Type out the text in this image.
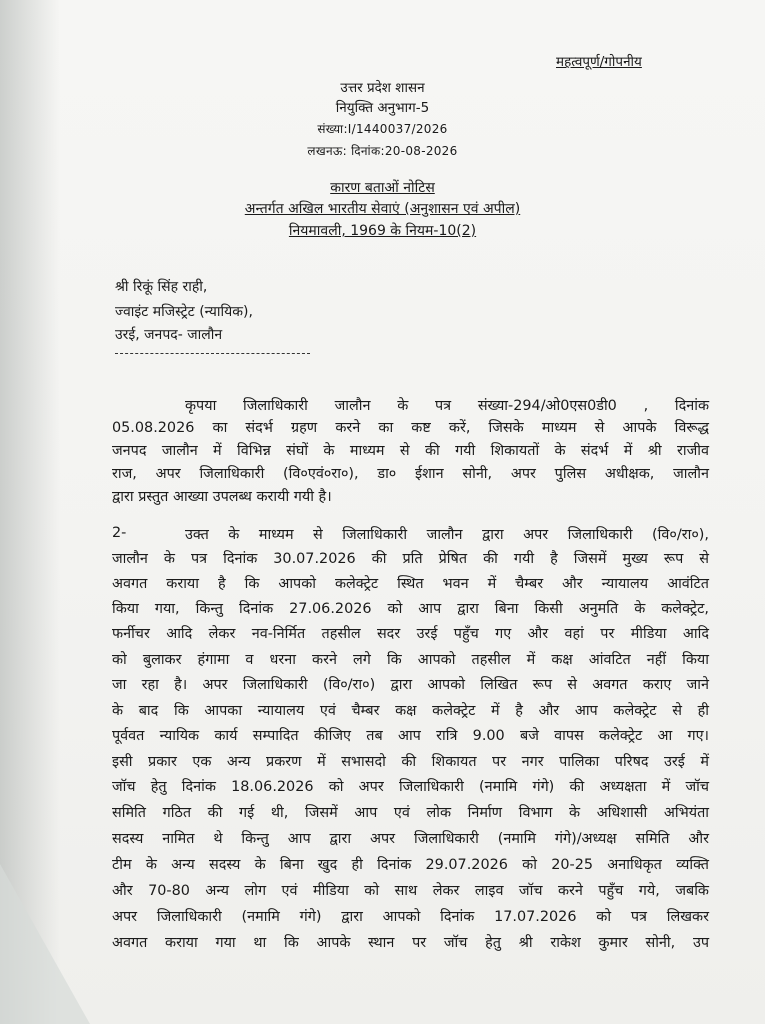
महत्वपूर्ण/गोपनीय
उत्तर प्रदेश शासन
नियुक्ति अनुभाग-5
संख्या:I/1440037/2026
लखनऊ: दिनांक:20-08-2026
कारण बताओं नोटिस
अन्तर्गत अखिल भारतीय सेवाएं (अनुशासन एवं अपील)
नियमावली, 1969 के नियम-10(2)
श्री रिकूं सिंह राही,
ज्वाइंट मजिस्ट्रेट (न्यायिक),
उरई, जनपद- जालौन
कृपया जिलाधिकारी जालौन के पत्र संख्या-294/ओ0एस0डी0 , दिनांक
05.08.2026 का संदर्भ ग्रहण करने का कष्ट करें, जिसके माध्यम से आपके विरूद्ध
जनपद जालौन में विभिन्न संघों के माध्यम से की गयी शिकायतों के संदर्भ में श्री राजीव
राज, अपर जिलाधिकारी (वि०एवं०रा०), डा० ईशान सोनी, अपर पुलिस अधीक्षक, जालौन
द्वारा प्रस्तुत आख्या उपलब्ध करायी गयी है।
2-	उक्त के माध्यम से जिलाधिकारी जालौन द्वारा अपर जिलाधिकारी (वि०/रा०),
जालौन के पत्र दिनांक 30.07.2026 की प्रति प्रेषित की गयी है जिसमें मुख्य रूप से
अवगत कराया है कि आपको कलेक्ट्रेट स्थित भवन में चैम्बर और न्यायालय आवंटित
किया गया, किन्तु दिनांक 27.06.2026 को आप द्वारा बिना किसी अनुमति के कलेक्ट्रेट,
फर्नीचर आदि लेकर नव-निर्मित तहसील सदर उरई पहुँच गए और वहां पर मीडिया आदि
को बुलाकर हंगामा व धरना करने लगे कि आपको तहसील में कक्ष आंवटित नहीं किया
जा रहा है। अपर जिलाधिकारी (वि०/रा०) द्वारा आपको लिखित रूप से अवगत कराए जाने
के बाद कि आपका न्यायालय एवं चैम्बर कक्ष कलेक्ट्रेट में है और आप कलेक्ट्रेट से ही
पूर्ववत न्यायिक कार्य सम्पादित कीजिए तब आप रात्रि 9.00 बजे वापस कलेक्ट्रेट आ गए।
इसी प्रकार एक अन्य प्रकरण में सभासदो की शिकायत पर नगर पालिका परिषद उरई में
जॉच हेतु दिनांक 18.06.2026 को अपर जिलाधिकारी (नमामि गंगे) की अध्यक्षता में जॉच
समिति गठित की गई थी, जिसमें आप एवं लोक निर्माण विभाग के अधिशासी अभियंता
सदस्य नामित थे किन्तु आप द्वारा अपर जिलाधिकारी (नमामि गंगे)/अध्यक्ष समिति और
टीम के अन्य सदस्य के बिना खुद ही दिनांक 29.07.2026 को 20-25 अनाधिकृत व्यक्ति
और 70-80 अन्य लोग एवं मीडिया को साथ लेकर लाइव जॉच करने पहुँच गये, जबकि
अपर जिलाधिकारी (नमामि गंगे) द्वारा आपको दिनांक 17.07.2026 को पत्र लिखकर
अवगत कराया गया था कि आपके स्थान पर जॉच हेतु श्री राकेश कुमार सोनी, उप
